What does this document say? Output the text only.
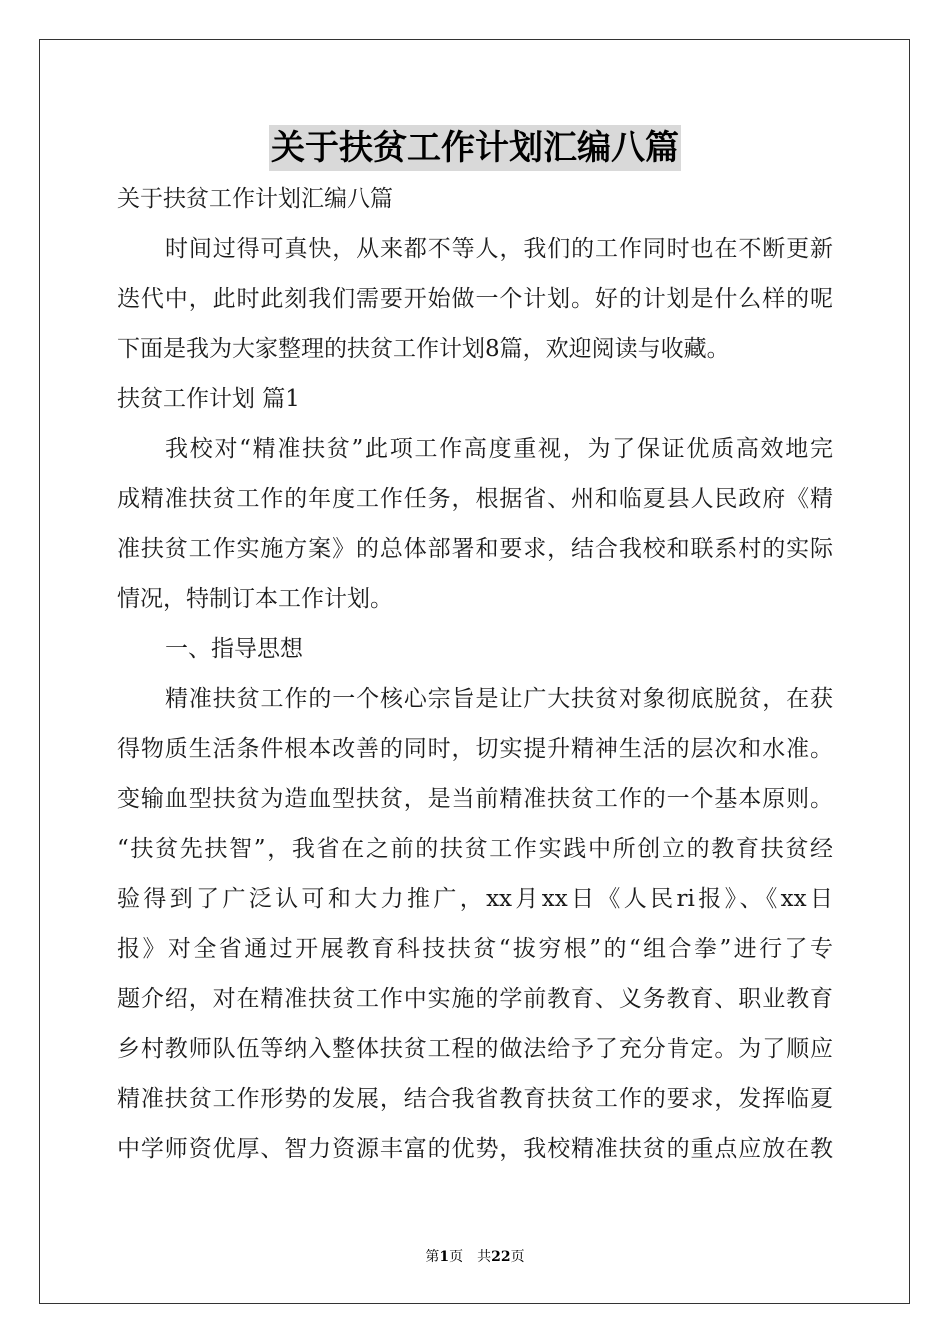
关于扶贫工作计划汇编八篇
关于扶贫工作计划汇编八篇
时间过得可真快，从来都不等人，我们的工作同时也在不断更新
迭代中，此时此刻我们需要开始做一个计划。好的计划是什么样的呢
下面是我为大家整理的扶贫工作计划8篇，欢迎阅读与收藏。
扶贫工作计划 篇1
我校对“精准扶贫”此项工作高度重视，为了保证优质高效地完
成精准扶贫工作的年度工作任务，根据省、州和临夏县人民政府《精
准扶贫工作实施方案》的总体部署和要求，结合我校和联系村的实际
情况，特制订本工作计划。
一、指导思想
精准扶贫工作的一个核心宗旨是让广大扶贫对象彻底脱贫，在获
得物质生活条件根本改善的同时，切实提升精神生活的层次和水准。
变输血型扶贫为造血型扶贫，是当前精准扶贫工作的一个基本原则。
“扶贫先扶智”，我省在之前的扶贫工作实践中所创立的教育扶贫经
验得到了广泛认可和大力推广，xx月xx日《人民ri报》、《xx日
报》对全省通过开展教育科技扶贫“拔穷根”的“组合拳”进行了专
题介绍，对在精准扶贫工作中实施的学前教育、义务教育、职业教育
乡村教师队伍等纳入整体扶贫工程的做法给予了充分肯定。为了顺应
精准扶贫工作形势的发展，结合我省教育扶贫工作的要求，发挥临夏
中学师资优厚、智力资源丰富的优势，我校精准扶贫的重点应放在教
第1页 共22页
